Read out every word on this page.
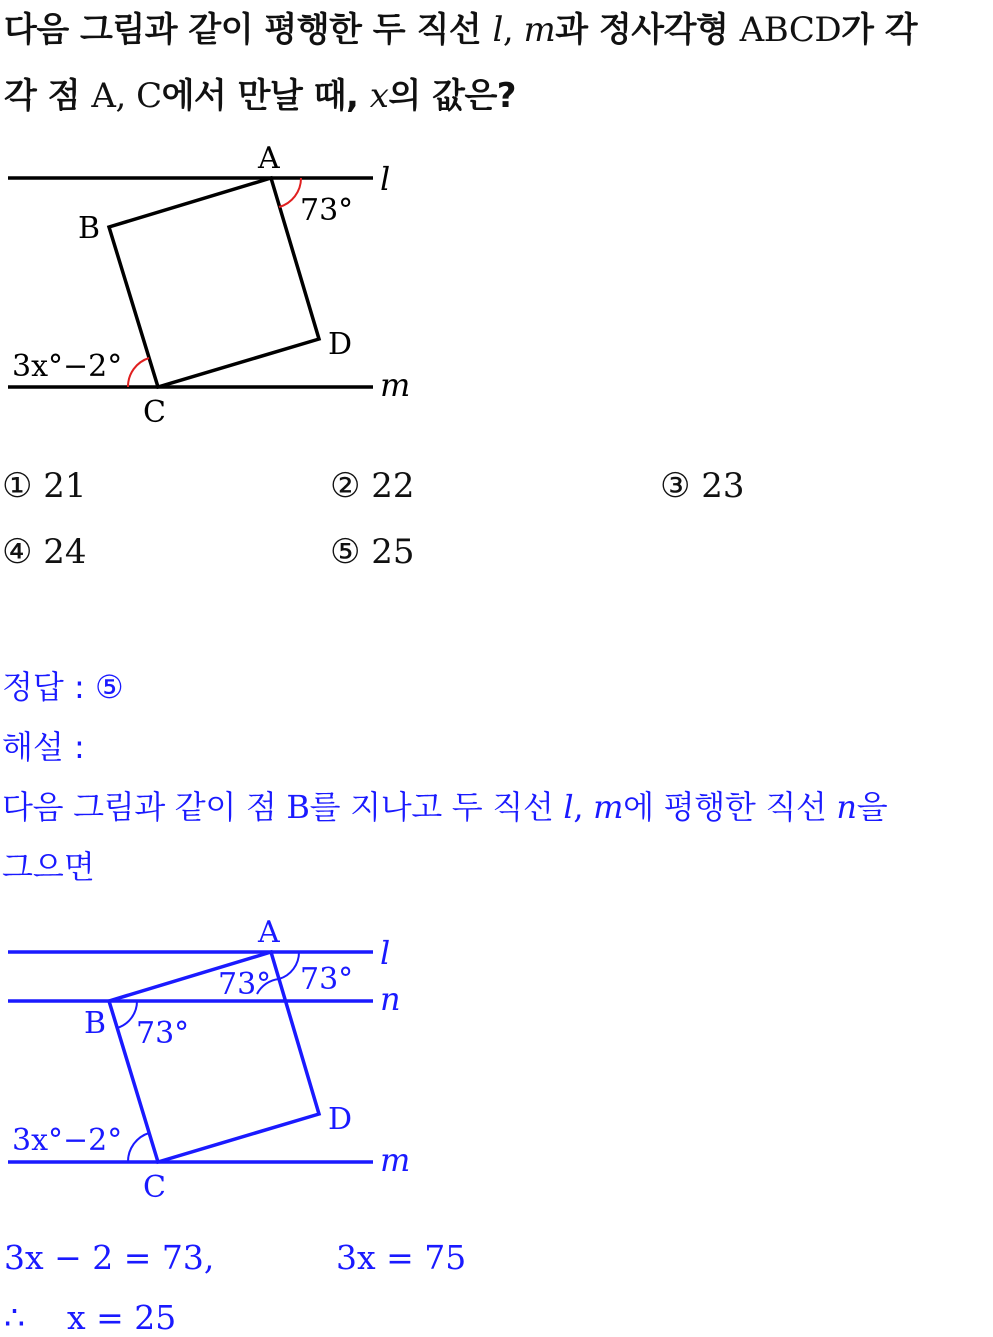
다음 그림과 같이 평행한 두 직선 l, m과 정사각형 ABCD가 각
각 점 A, C에서 만날 때, x의 값은?
A
B
C
D
l
m
73°
3x°−2°
① 21	② 22	③ 23
④ 24	⑤ 25
정답 : ⑤
해설 :
다음 그림과 같이 점 B를 지나고 두 직선 l, m에 평행한 직선 n을
그으면
A
B
C
D
l
n
m
73° 73°
73°
3x°−2°
3x − 2 = 73,	3x = 75
∴ x = 25
